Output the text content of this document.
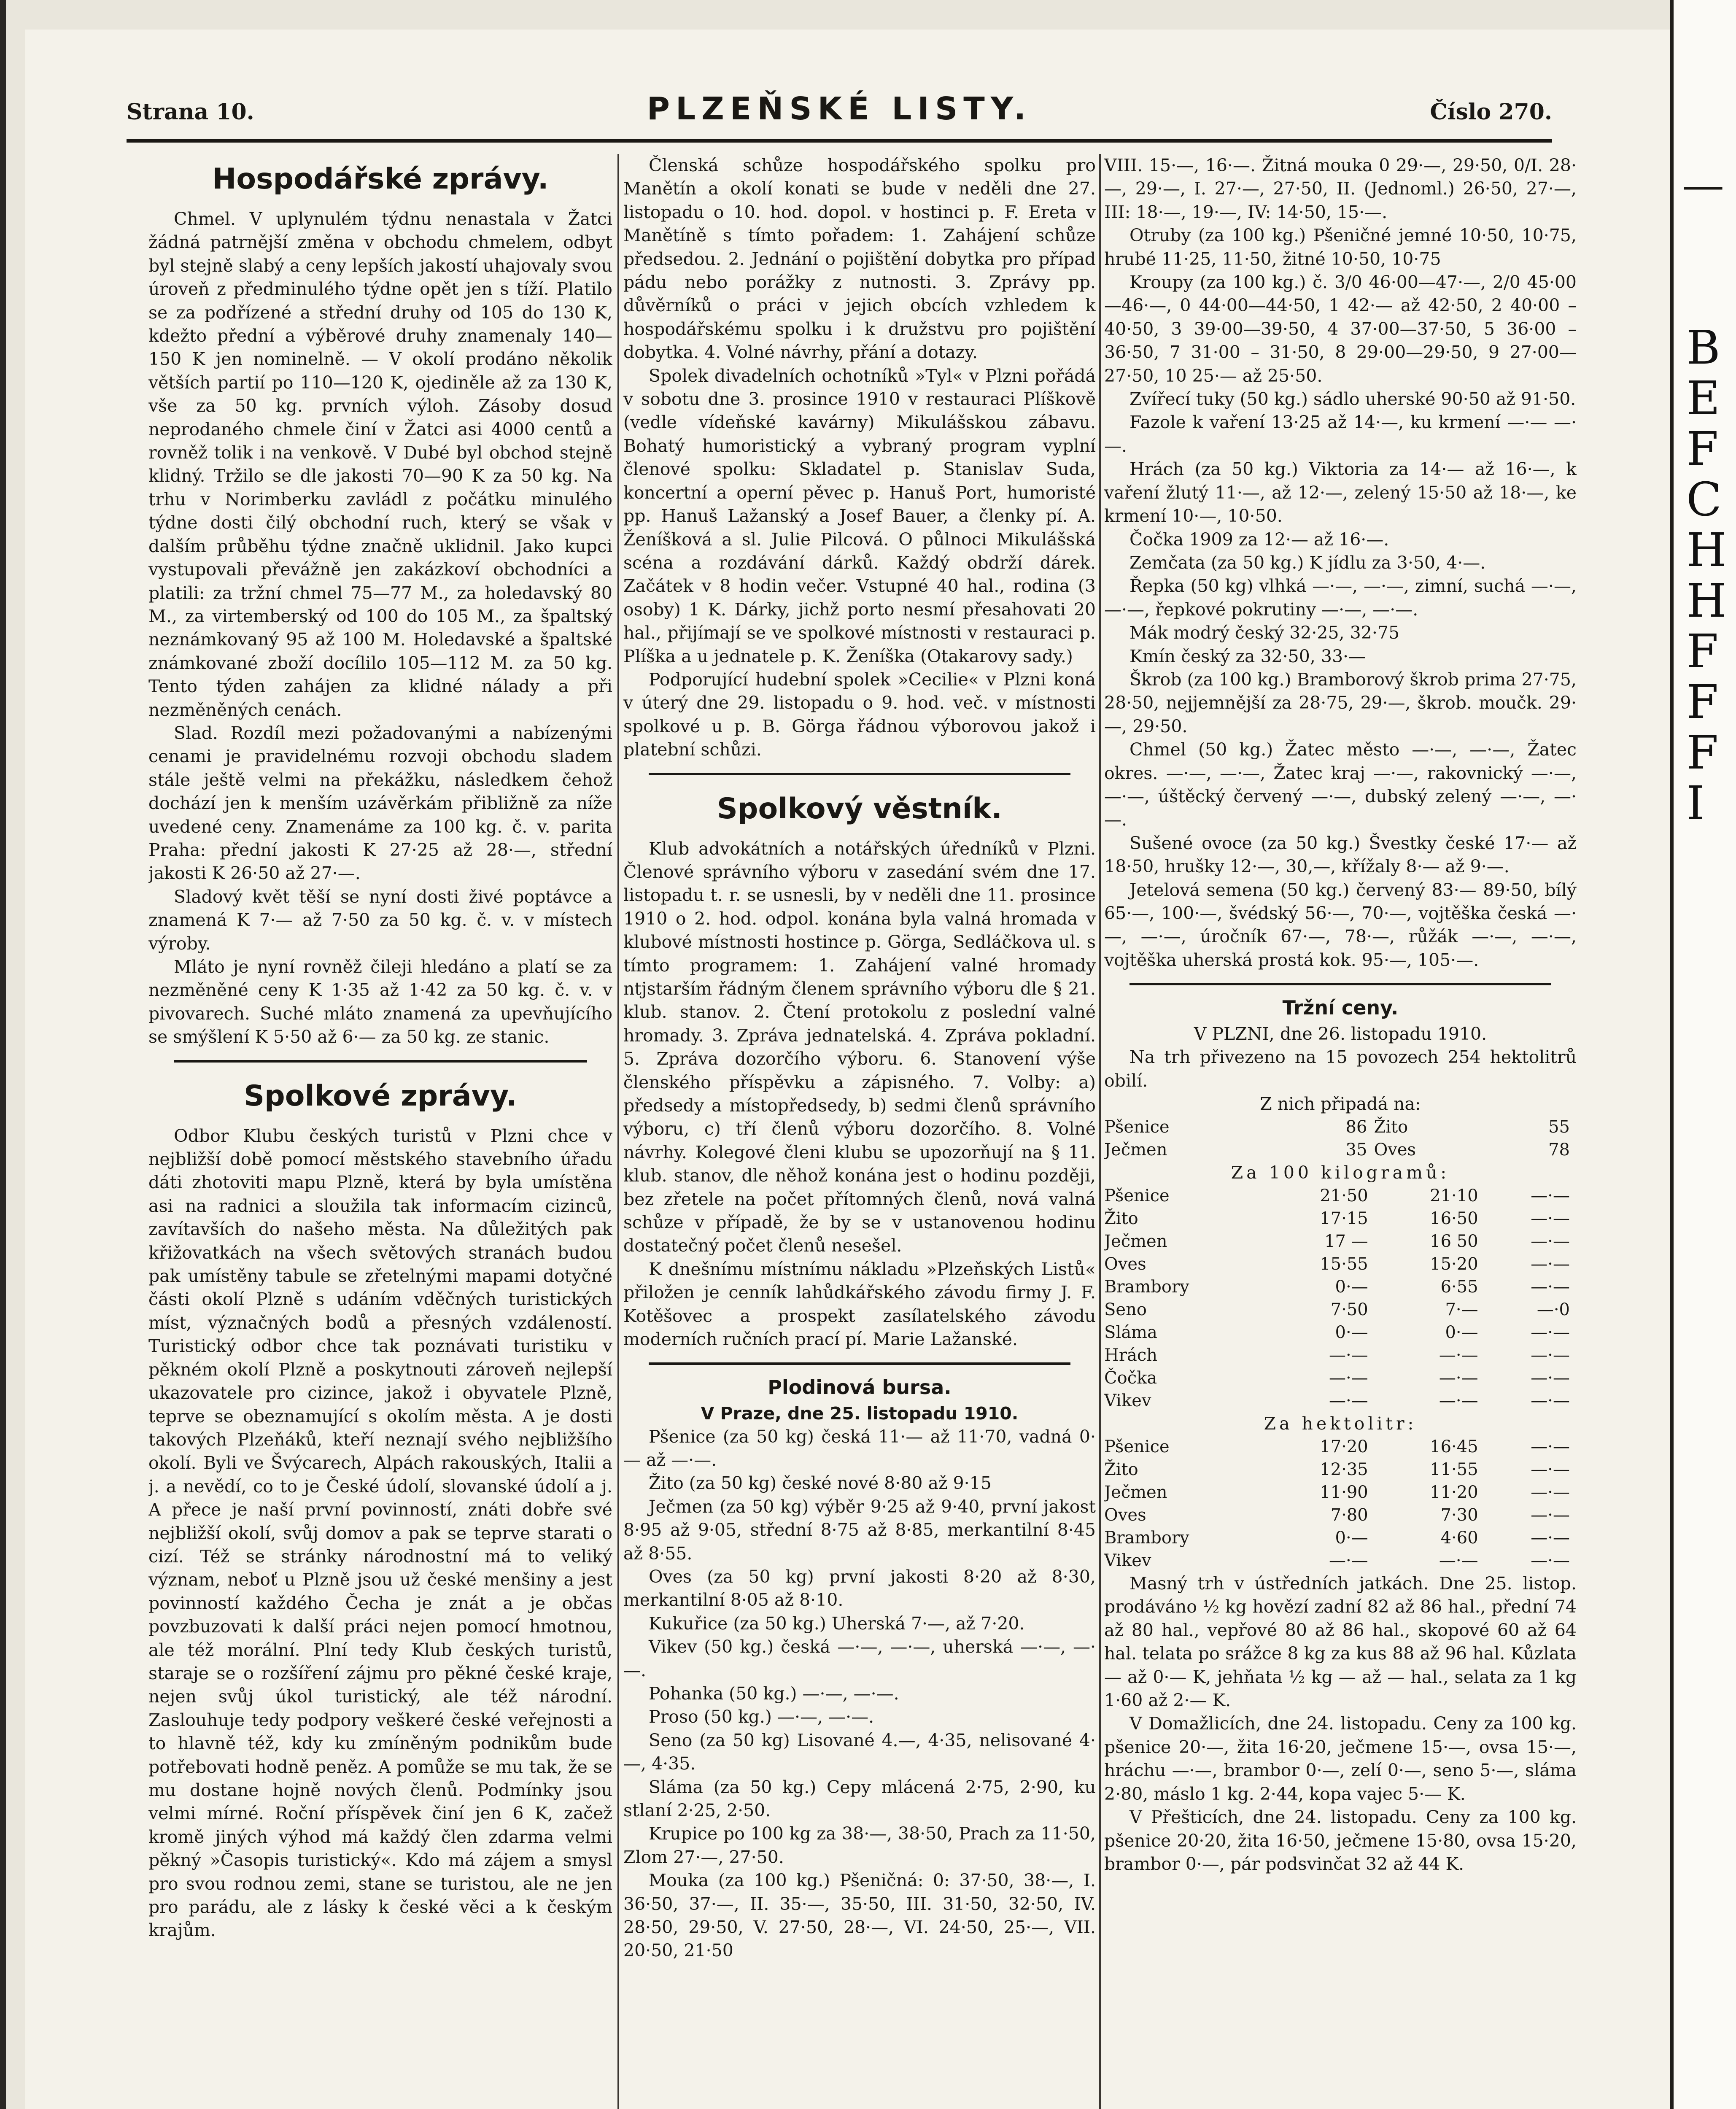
—
B
E
F
C
H
H
F
F
F
I
Strana 10.	PLZEŇSKÉ LISTY.	Číslo 270.
Hospodářské zprávy.

Chmel. V uplynulém týdnu nenastala v Žatci žádná patrnější změna v obchodu chmelem, odbyt byl stejně slabý a ceny lepších jakostí uhajovaly svou úroveň z předminulého týdne opět jen s tíží. Platilo se za podřízené a střední druhy od 105 do 130 K, kdežto přední a výběrové druhy znamenaly 140—150 K jen nominelně. — V okolí prodáno několik větších partií po 110—120 K, ojediněle až za 130 K, vše za 50 kg. prvních výloh. Zásoby dosud neprodaného chmele činí v Žatci asi 4000 centů a rovněž tolik i na venkově. V Dubé byl obchod stejně klidný. Tržilo se dle jakosti 70—90 K za 50 kg. Na trhu v Norimberku zavládl z počátku minulého týdne dosti čilý obchodní ruch, který se však v dalším průběhu týdne značně uklidnil. Jako kupci vystupovali převážně jen zakázkoví obchodníci a platili: za tržní chmel 75—77 M., za holedavský 80 M., za virtemberský od 100 do 105 M., za špaltský neznámkovaný 95 až 100 M. Holedavské a špaltské známkované zboží docílilo 105—112 M. za 50 kg. Tento týden zahájen za klidné nálady a při nezměněných cenách.

Slad. Rozdíl mezi požadovanými a nabízenými cenami je pravidelnému rozvoji obchodu sladem stále ještě velmi na překážku, následkem čehož dochází jen k menším uzávěrkám přibližně za níže uvedené ceny. Znamenáme za 100 kg. č. v. parita Praha: přední jakosti K 27·25 až 28·—, střední jakosti K 26·50 až 27·—.

Sladový květ těší se nyní dosti živé poptávce a znamená K 7·— až 7·50 za 50 kg. č. v. v místech výroby.

Mláto je nyní rovněž čileji hledáno a platí se za nezměněné ceny K 1·35 až 1·42 za 50 kg. č. v. v pivovarech. Suché mláto znamená za upevňujícího se smýšlení K 5·50 až 6·— za 50 kg. ze stanic.

Spolkové zprávy.

Odbor Klubu českých turistů v Plzni chce v nejbližší době pomocí městského stavebního úřadu dáti zhotoviti mapu Plzně, která by byla umístěna asi na radnici a sloužila tak informacím cizinců, zavítavších do našeho města. Na důležitých pak křižovatkách na všech světových stranách budou pak umístěny tabule se zřetelnými mapami dotyčné části okolí Plzně s udáním vděčných turistických míst, význačných bodů a přesných vzdáleností. Turistický odbor chce tak poznávati turistiku v pěkném okolí Plzně a poskytnouti zároveň nejlepší ukazovatele pro cizince, jakož i obyvatele Plzně, teprve se obeznamující s okolím města. A je dosti takových Plzeňáků, kteří neznají svého nejbližšího okolí. Byli ve Švýcarech, Alpách rakouských, Italii a j. a nevědí, co to je České údolí, slovanské údolí a j. A přece je naší první povinností, znáti dobře své nejbližší okolí, svůj domov a pak se teprve starati o cizí. Též se stránky národnostní má to veliký význam, neboť u Plzně jsou už české menšiny a jest povinností každého Čecha je znát a je občas povzbuzovati k další práci nejen pomocí hmotnou, ale též morální. Plní tedy Klub českých turistů, staraje se o rozšíření zájmu pro pěkné české kraje, nejen svůj úkol turistický, ale též národní. Zaslouhuje tedy podpory veškeré české veřejnosti a to hlavně též, kdy ku zmíněným podnikům bude potřebovati hodně peněz. A pomůže se mu tak, že se mu dostane hojně nových členů. Podmínky jsou velmi mírné. Roční příspěvek činí jen 6 K, začež kromě jiných výhod má každý člen zdarma velmi pěkný »Časopis turistický«. Kdo má zájem a smysl pro svou rodnou zemi, stane se turistou, ale ne jen pro parádu, ale z lásky k české věci a k českým krajům.

Členská schůze hospodářského spolku pro Manětín a okolí konati se bude v neděli dne 27. listopadu o 10. hod. dopol. v hostinci p. F. Ereta v Manětíně s tímto pořadem: 1. Zahájení schůze předsedou. 2. Jednání o pojištění dobytka pro případ pádu nebo porážky z nutnosti. 3. Zprávy pp. důvěrníků o práci v jejich obcích vzhledem k hospodářskému spolku i k družstvu pro pojištění dobytka. 4. Volné návrhy, přání a dotazy.

Spolek divadelních ochotníků »Tyl« v Plzni pořádá v sobotu dne 3. prosince 1910 v restauraci Plíškově (vedle vídeňské kavárny) Mikulášskou zábavu. Bohatý humoristický a vybraný program vyplní členové spolku: Skladatel p. Stanislav Suda, koncertní a operní pěvec p. Hanuš Port, humoristé pp. Hanuš Lažanský a Josef Bauer, a členky pí. A. Ženíšková a sl. Julie Pilcová. O půlnoci Mikulášská scéna a rozdávání dárků. Každý obdrží dárek. Začátek v 8 hodin večer. Vstupné 40 hal., rodina (3 osoby) 1 K. Dárky, jichž porto nesmí přesahovati 20 hal., přijímají se ve spolkové místnosti v restauraci p. Plíška a u jednatele p. K. Ženíška (Otakarovy sady.)

Podporující hudební spolek »Cecilie« v Plzni koná v úterý dne 29. listopadu o 9. hod. več. v místnosti spolkové u p. B. Görga řádnou výborovou jakož i platební schůzi.

Spolkový věstník.

Klub advokátních a notářských úředníků v Plzni. Členové správního výboru v zasedání svém dne 17. listopadu t. r. se usnesli, by v neděli dne 11. prosince 1910 o 2. hod. odpol. konána byla valná hromada v klubové místnosti hostince p. Görga, Sedláčkova ul. s tímto programem: 1. Zahájení valné hromady ntjstarším řádným členem správního výboru dle § 21. klub. stanov. 2. Čtení protokolu z poslední valné hromady. 3. Zpráva jednatelská. 4. Zpráva pokladní. 5. Zpráva dozorčího výboru. 6. Stanovení výše členského příspěvku a zápisného. 7. Volby: a) předsedy a místopředsedy, b) sedmi členů správního výboru, c) tří členů výboru dozorčího. 8. Volné návrhy. Kolegové členi klubu se upozorňují na § 11. klub. stanov, dle něhož konána jest o hodinu později, bez zřetele na počet přítomných členů, nová valná schůze v případě, že by se v ustanovenou hodinu dostatečný počet členů nesešel.

K dnešnímu místnímu nákladu »Plzeňských Listů« přiložen je cenník lahůdkářského závodu firmy J. F. Kotěšovec a prospekt zasílatelského závodu moderních ručních prací pí. Marie Lažanské.

Plodinová bursa.

V Praze, dne 25. listopadu 1910.

Pšenice (za 50 kg) česká 11·— až 11·70, vadná 0·— až —·—.

Žito (za 50 kg) české nové 8·80 až 9·15

Ječmen (za 50 kg) výběr 9·25 až 9·40, první jakost 8·95 až 9·05, střední 8·75 až 8·85, merkantilní 8·45 až 8·55.

Oves (za 50 kg) první jakosti 8·20 až 8·30, merkantilní 8·05 až 8·10.

Kukuřice (za 50 kg.) Uherská 7·—, až 7·20.

Vikev (50 kg.) česká —·—, —·—, uherská —·—, —·—.

Pohanka (50 kg.) —·—, —·—.

Proso (50 kg.) —·—, —·—.

Seno (za 50 kg) Lisované 4.—, 4·35, nelisované 4·—, 4·35.

Sláma (za 50 kg.) Cepy mlácená 2·75, 2·90, ku stlaní 2·25, 2·50.

Krupice po 100 kg za 38·—, 38·50, Prach za 11·50, Zlom 27·—, 27·50.

Mouka (za 100 kg.) Pšeničná: 0: 37·50, 38·—, I. 36·50, 37·—, II. 35·—, 35·50, III. 31·50, 32·50, IV. 28·50, 29·50, V. 27·50, 28·—, VI. 24·50, 25·—, VII. 20·50, 21·50

VIII. 15·—, 16·—. Žitná mouka 0 29·—, 29·50, 0/I. 28·—, 29·—, I. 27·—, 27·50, II. (Jednoml.) 26·50, 27·—, III: 18·—, 19·—, IV: 14·50, 15·—.

Otruby (za 100 kg.) Pšeničné jemné 10·50, 10·75, hrubé 11·25, 11·50, žitné 10·50, 10·75

Kroupy (za 100 kg.) č. 3/0 46·00—47·—, 2/0 45·00—46·—, 0 44·00—44·50, 1 42·— až 42·50, 2 40·00 – 40·50, 3 39·00—39·50, 4 37·00—37·50, 5 36·00 – 36·50, 7 31·00 – 31·50, 8 29·00—29·50, 9 27·00—27·50, 10 25·— až 25·50.

Zvířecí tuky (50 kg.) sádlo uherské 90·50 až 91·50.

Fazole k vaření 13·25 až 14·—, ku krmení —·— —·—.

Hrách (za 50 kg.) Viktoria za 14·— až 16·—, k vaření žlutý 11·—, až 12·—, zelený 15·50 až 18·—, ke krmení 10·—, 10·50.

Čočka 1909 za 12·— až 16·—.

Zemčata (za 50 kg.) K jídlu za 3·50, 4·—.

Řepka (50 kg) vlhká —·—, —·—, zimní, suchá —·—, —·—, řepkové pokrutiny —·—, —·—.

Mák modrý český 32·25, 32·75

Kmín český za 32·50, 33·—

Škrob (za 100 kg.) Bramborový škrob prima 27·75, 28·50, nejjemnější za 28·75, 29·—, škrob. moučk. 29·—, 29·50.

Chmel (50 kg.) Žatec město —·—, —·—, Žatec okres. —·—, —·—, Žatec kraj —·—, rakovnický —·—, —·—, úštěcký červený —·—, dubský zelený —·—, —·—.

Sušené ovoce (za 50 kg.) Švestky české 17·— až 18·50, hrušky 12·—, 30,—, křížaly 8·— až 9·—.

Jetelová semena (50 kg.) červený 83·— 89·50, bílý 65·—, 100·—, švédský 56·—, 70·—, vojtěška česká —·—, —·—, úročník 67·—, 78·—, růžák —·—, —·—, vojtěška uherská prostá kok. 95·—, 105·—.

Tržní ceny.

V PLZNI, dne 26. listopadu 1910.

Na trh přivezeno na 15 povozech 254 hektolitrů obilí.

Z nich připadá na:

Pšenice	86	Žito	55
Ječmen	35	Oves	78

Za 100 kilogramů:

Pšenice	21·50	21·10	—·—
Žito	17·15	16·50	—·—
Ječmen	17 —	16 50	—·—
Oves	15·55	15·20	—·—
Brambory	0·—	6·55	—·—
Seno	7·50	7·—	—·0
Sláma	0·—	0·—	—·—
Hrách	—·—	—·—	—·—
Čočka	—·—	—·—	—·—
Vikev	—·—	—·—	—·—

Za hektolitr:

Pšenice	17·20	16·45	—·—
Žito	12·35	11·55	—·—
Ječmen	11·90	11·20	—·—
Oves	7·80	7·30	—·—
Brambory	0·—	4·60	—·—
Vikev	—·—	—·—	—·—

Masný trh v ústředních jatkách. Dne 25. listop. prodáváno ½ kg hovězí zadní 82 až 86 hal., přední 74 až 80 hal., vepřové 80 až 86 hal., skopové 60 až 64 hal. telata po srážce 8 kg za kus 88 až 96 hal. Kůzlata — až 0·— K, jehňata ½ kg — až — hal., selata za 1 kg 1·60 až 2·— K.

V Domažlicích, dne 24. listopadu. Ceny za 100 kg. pšenice 20·—, žita 16·20, ječmene 15·—, ovsa 15·—, hráchu —·—, brambor 0·—, zelí 0·—, seno 5·—, sláma 2·80, máslo 1 kg. 2·44, kopa vajec 5·— K.

V Přešticích, dne 24. listopadu. Ceny za 100 kg. pšenice 20·20, žita 16·50, ječmene 15·80, ovsa 15·20, brambor 0·—, pár podsvinčat 32 až 44 K.
